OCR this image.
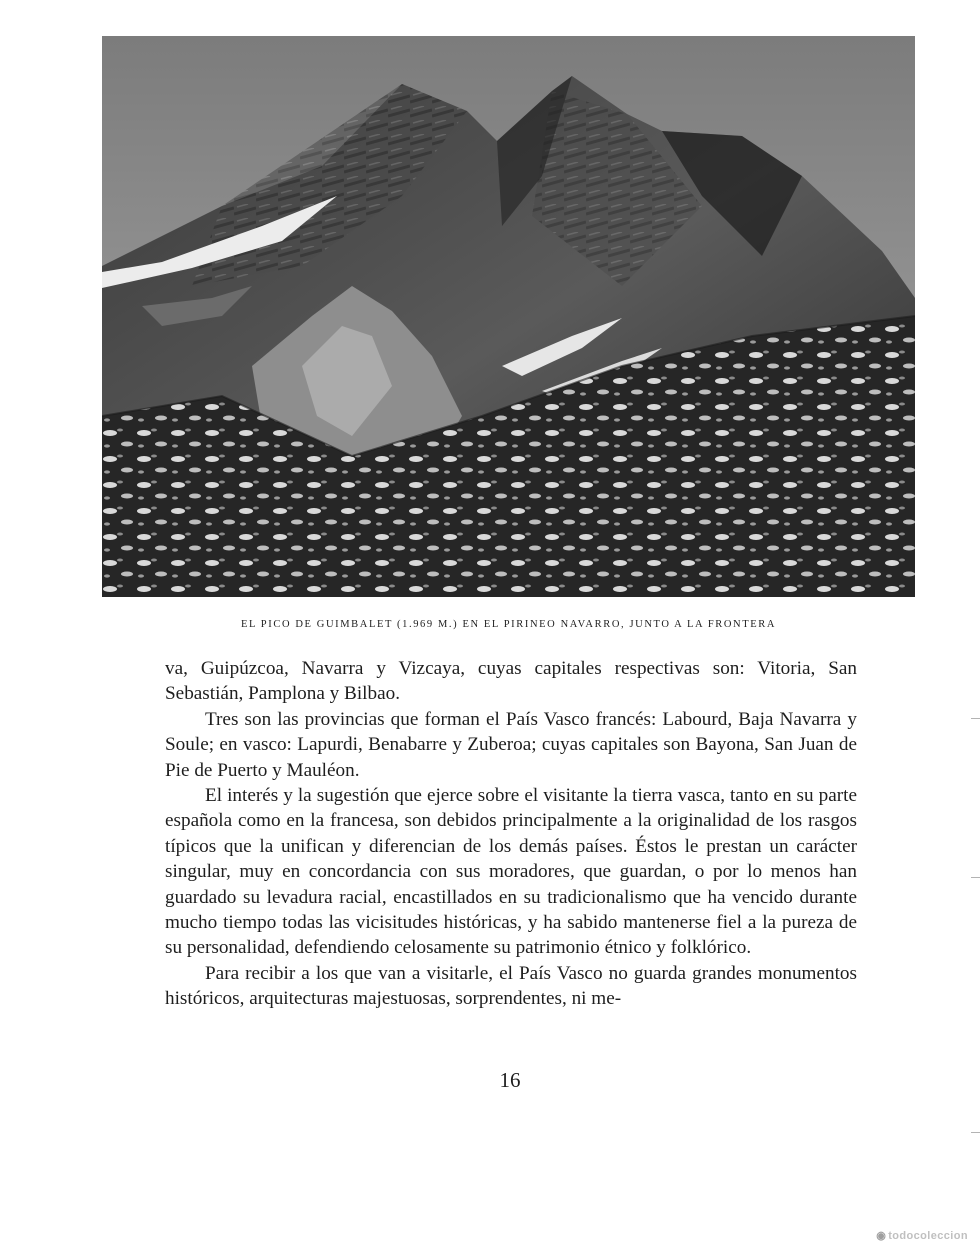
EL PICO DE GUIMBALET (1.969 M.) EN EL PIRINEO NAVARRO, JUNTO A LA FRONTERA

va, Guipúzcoa, Navarra y Vizcaya, cuyas capitales respectivas son: Vitoria, San Sebastián, Pamplona y Bilbao.

Tres son las provincias que forman el País Vasco francés: Labourd, Baja Navarra y Soule; en vasco: Lapurdi, Benabarre y Zuberoa; cuyas capitales son Bayona, San Juan de Pie de Puerto y Mauléon.

El interés y la sugestión que ejerce sobre el visitante la tierra vasca, tanto en su parte española como en la francesa, son debidos principalmente a la originalidad de los rasgos típicos que la unifican y diferencian de los demás países. Éstos le prestan un carácter singular, muy en concordancia con sus moradores, que guardan, o por lo menos han guardado su levadura racial, encastillados en su tradicionalismo que ha vencido durante mucho tiempo todas las vicisitudes históricas, y ha sabido mantenerse fiel a la pureza de su personalidad, defendiendo celosamente su patrimonio étnico y folklórico.

Para recibir a los que van a visitarle, el País Vasco no guarda grandes monumentos históricos, arquitecturas majestuosas, sorprendentes, ni me-

16
◉ todocoleccion
